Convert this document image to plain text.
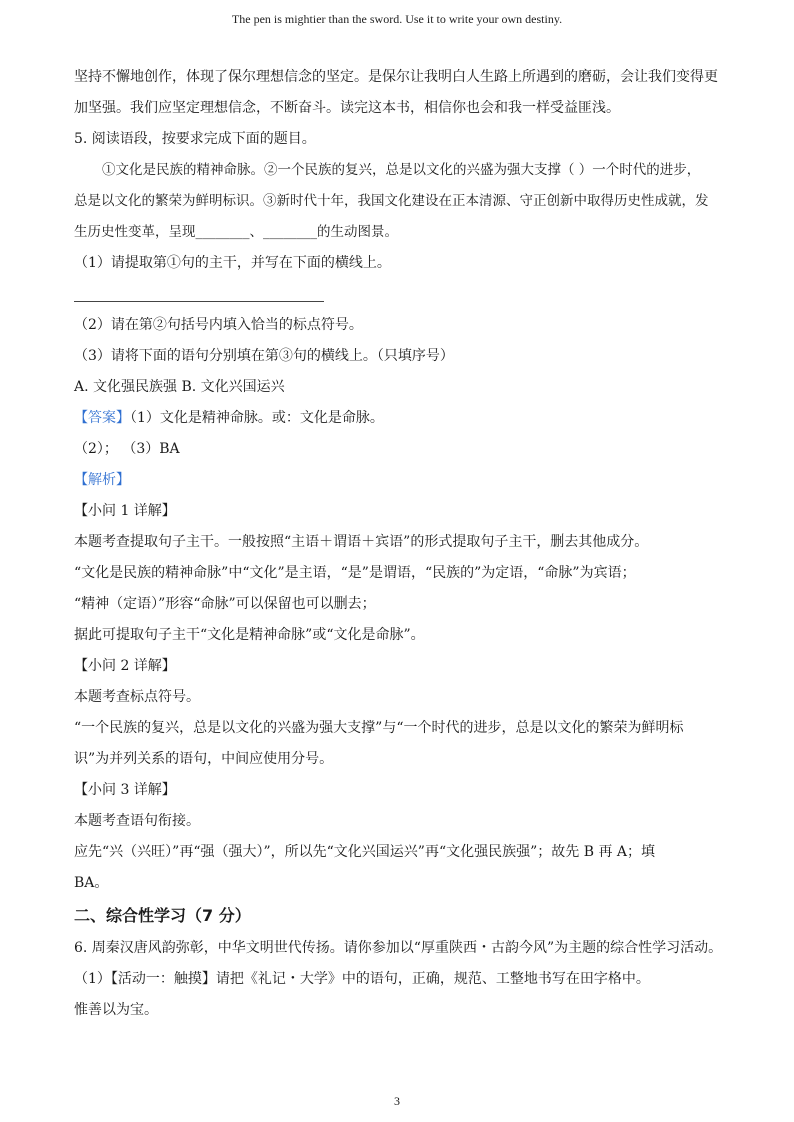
The pen is mightier than the sword. Use it to write your own destiny.
坚持不懈地创作，体现了保尔理想信念的坚定。是保尔让我明白人生路上所遇到的磨砺，会让我们变得更
加坚强。我们应坚定理想信念，不断奋斗。读完这本书，相信你也会和我一样受益匪浅。
5. 阅读语段，按要求完成下面的题目。
①文化是民族的精神命脉。②一个民族的复兴，总是以文化的兴盛为强大支撑（ ）一个时代的进步，
总是以文化的繁荣为鲜明标识。③新时代十年，我国文化建设在正本清源、守正创新中取得历史性成就，发
生历史性变革，呈现________、________的生动图景。
（1）请提取第①句的主干，并写在下面的横线上。
（2）请在第②句括号内填入恰当的标点符号。
（3）请将下面的语句分别填在第③句的横线上。（只填序号）
A. 文化强民族强 B. 文化兴国运兴
【答案】（1）文化是精神命脉。或：文化是命脉。
（2）； （3）BA
【解析】
【小问 1 详解】
本题考查提取句子主干。一般按照“主语＋谓语＋宾语”的形式提取句子主干，删去其他成分。
“文化是民族的精神命脉”中“文化”是主语，“是”是谓语，“民族的”为定语，“命脉”为宾语；
“精神（定语）”形容“命脉”可以保留也可以删去；
据此可提取句子主干“文化是精神命脉”或“文化是命脉”。
【小问 2 详解】
本题考查标点符号。
“一个民族的复兴，总是以文化的兴盛为强大支撑”与“一个时代的进步，总是以文化的繁荣为鲜明标
识”为并列关系的语句，中间应使用分号。
【小问 3 详解】
本题考查语句衔接。
应先“兴（兴旺）”再“强（强大）”，所以先“文化兴国运兴”再“文化强民族强”；故先 B 再 A；填
BA。
二、综合性学习（7 分）
6. 周秦汉唐风韵弥彰，中华文明世代传扬。请你参加以“厚重陕西・古韵今风”为主题的综合性学习活动。
（1）【活动一：触摸】请把《礼记・大学》中的语句，正确，规范、工整地书写在田字格中。
惟善以为宝。
3
